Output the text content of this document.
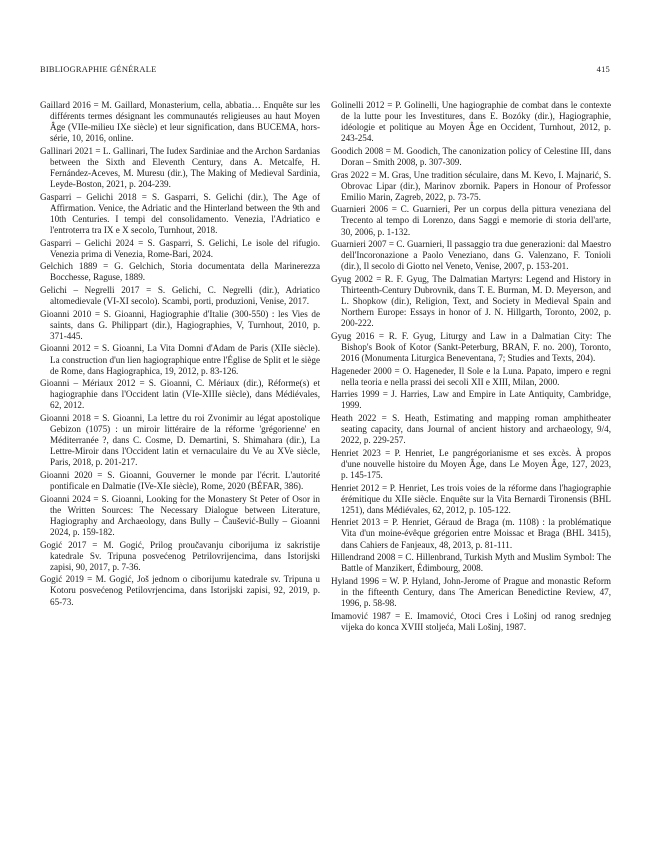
BIBLIOGRAPHIE GÉNÉRALE	415

Gaillard 2016 = M. Gaillard, Monasterium, cella, abbatia… Enquête sur les différents termes désignant les communautés religieuses au haut Moyen Âge (VIIe-milieu IXe siècle) et leur signification, dans BUCEMA, hors-série, 10, 2016, online.

Gallinari 2021 = L. Gallinari, The Iudex Sardiniae and the Archon Sardanias between the Sixth and Eleventh Century, dans A. Metcalfe, H. Fernández-Aceves, M. Muresu (dir.), The Making of Medieval Sardinia, Leyde-Boston, 2021, p. 204-239.

Gasparri – Gelichi 2018 = S. Gasparri, S. Gelichi (dir.), The Age of Affirmation. Venice, the Adriatic and the Hinterland between the 9th and 10th Centuries. I tempi del consolidamento. Venezia, l'Adriatico e l'entroterra tra IX e X secolo, Turnhout, 2018.

Gasparri – Gelichi 2024 = S. Gasparri, S. Gelichi, Le isole del rifugio. Venezia prima di Venezia, Rome-Bari, 2024.

Gelchich 1889 = G. Gelchich, Storia documentata della Marinerezza Bocchesse, Raguse, 1889.

Gelichi – Negrelli 2017 = S. Gelichi, C. Negrelli (dir.), Adriatico altomedievale (VI-XI secolo). Scambi, porti, produzioni, Venise, 2017.

Gioanni 2010 = S. Gioanni, Hagiographie d'Italie (300-550) : les Vies de saints, dans G. Philippart (dir.), Hagiographies, V, Turnhout, 2010, p. 371-445.

Gioanni 2012 = S. Gioanni, La Vita Domni d'Adam de Paris (XIIe siècle). La construction d'un lien hagiographique entre l'Église de Split et le siège de Rome, dans Hagiographica, 19, 2012, p. 83-126.

Gioanni – Mériaux 2012 = S. Gioanni, C. Mériaux (dir.), Réforme(s) et hagiographie dans l'Occident latin (VIe-XIIIe siècle), dans Médiévales, 62, 2012.

Gioanni 2018 = S. Gioanni, La lettre du roi Zvonimir au légat apostolique Gebizon (1075) : un miroir littéraire de la réforme 'grégorienne' en Méditerranée ?, dans C. Cosme, D. Demartini, S. Shimahara (dir.), La Lettre-Miroir dans l'Occident latin et vernaculaire du Ve au XVe siècle, Paris, 2018, p. 201-217.

Gioanni 2020 = S. Gioanni, Gouverner le monde par l'écrit. L'autorité pontificale en Dalmatie (IVe-XIe siècle), Rome, 2020 (BÉFAR, 386).

Gioanni 2024 = S. Gioanni, Looking for the Monastery St Peter of Osor in the Written Sources: The Necessary Dialogue between Literature, Hagiography and Archaeology, dans Bully – Čaušević-Bully – Gioanni 2024, p. 159-182.

Gogić 2017 = M. Gogić, Prilog proučavanju ciborijuma iz sakristije katedrale Sv. Tripuna posvećenog Petrilovrijencima, dans Istorijski zapisi, 90, 2017, p. 7-36.

Gogić 2019 = M. Gogić, Još jednom o ciborijumu katedrale sv. Tripuna u Kotoru posvećenog Petilovrjencima, dans Istorijski zapisi, 92, 2019, p. 65-73.

Golinelli 2012 = P. Golinelli, Une hagiographie de combat dans le contexte de la lutte pour les Investitures, dans E. Bozóky (dir.), Hagiographie, idéologie et politique au Moyen Âge en Occident, Turnhout, 2012, p. 243-254.

Goodich 2008 = M. Goodich, The canonization policy of Celestine III, dans Doran – Smith 2008, p. 307-309.

Gras 2022 = M. Gras, Une tradition séculaire, dans M. Kevo, I. Majnarić, S. Obrovac Lipar (dir.), Marinov zbornik. Papers in Honour of Professor Emilio Marin, Zagreb, 2022, p. 73-75.

Guarnieri 2006 = C. Guarnieri, Per un corpus della pittura veneziana del Trecento al tempo di Lorenzo, dans Saggi e memorie di storia dell'arte, 30, 2006, p. 1-132.

Guarnieri 2007 = C. Guarnieri, Il passaggio tra due generazioni: dal Maestro dell'Incoronazione a Paolo Veneziano, dans G. Valenzano, F. Tonioli (dir.), Il secolo di Giotto nel Veneto, Venise, 2007, p. 153-201.

Gyug 2002 = R. F. Gyug, The Dalmatian Martyrs: Legend and History in Thirteenth-Century Dubrovnik, dans T. E. Burman, M. D. Meyerson, and L. Shopkow (dir.), Religion, Text, and Society in Medieval Spain and Northern Europe: Essays in honor of J. N. Hillgarth, Toronto, 2002, p. 200-222.

Gyug 2016 = R. F. Gyug, Liturgy and Law in a Dalmatian City: The Bishop's Book of Kotor (Sankt-Peterburg, BRAN, F. no. 200), Toronto, 2016 (Monumenta Liturgica Beneventana, 7; Studies and Texts, 204).

Hageneder 2000 = O. Hageneder, Il Sole e la Luna. Papato, impero e regni nella teoria e nella prassi dei secoli XII e XIII, Milan, 2000.

Harries 1999 = J. Harries, Law and Empire in Late Antiquity, Cambridge, 1999.

Heath 2022 = S. Heath, Estimating and mapping roman amphitheater seating capacity, dans Journal of ancient history and archaeology, 9/4, 2022, p. 229-257.

Henriet 2023 = P. Henriet, Le pangrégorianisme et ses excès. À propos d'une nouvelle histoire du Moyen Âge, dans Le Moyen Âge, 127, 2023, p. 145-175.

Henriet 2012 = P. Henriet, Les trois voies de la réforme dans l'hagiographie érémitique du XIIe siècle. Enquête sur la Vita Bernardi Tironensis (BHL 1251), dans Médiévales, 62, 2012, p. 105-122.

Henriet 2013 = P. Henriet, Géraud de Braga (m. 1108) : la problématique Vita d'un moine-évêque grégorien entre Moissac et Braga (BHL 3415), dans Cahiers de Fanjeaux, 48, 2013, p. 81-111.

Hillendrand 2008 = C. Hillenbrand, Turkish Myth and Muslim Symbol: The Battle of Manzikert, Édimbourg, 2008.

Hyland 1996 = W. P. Hyland, John-Jerome of Prague and monastic Reform in the fifteenth Century, dans The American Benedictine Review, 47, 1996, p. 58-98.

Imamović 1987 = E. Imamović, Otoci Cres i Lošinj od ranog srednjeg vijeka do konca XVIII stoljeća, Mali Lošinj, 1987.
